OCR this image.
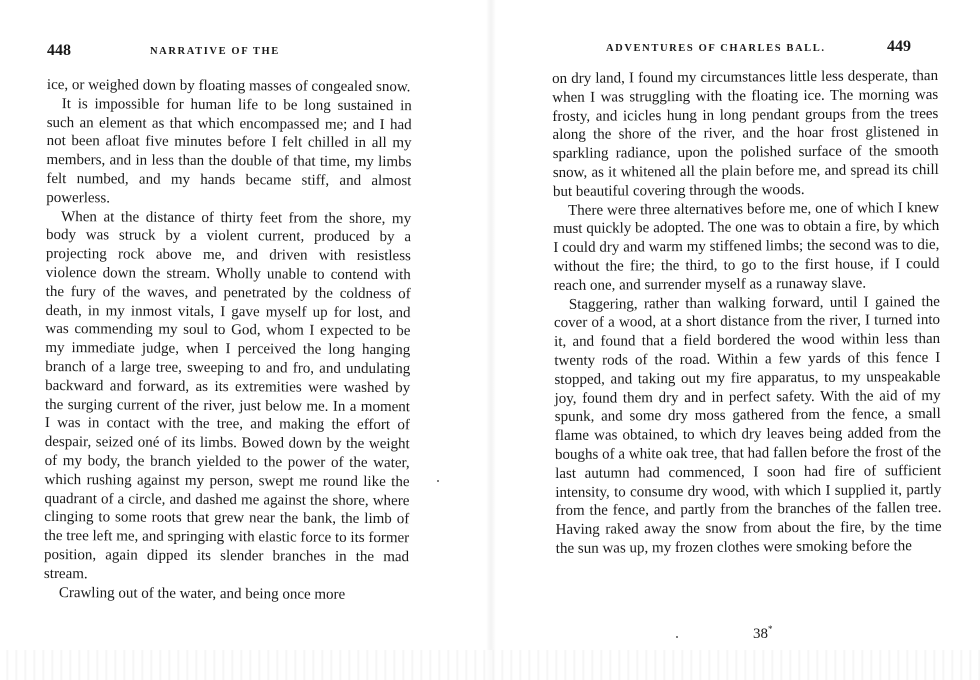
448	NARRATIVE OF THE

ice, or weighed down by floating masses of congealed snow.

It is impossible for human life to be long sustained in such an element as that which encompassed me; and I had not been afloat five minutes before I felt chilled in all my members, and in less than the double of that time, my limbs felt numbed, and my hands became stiff, and almost powerless.

When at the distance of thirty feet from the shore, my body was struck by a violent current, produced by a projecting rock above me, and driven with resistless violence down the stream. Wholly unable to contend with the fury of the waves, and penetrated by the coldness of death, in my inmost vitals, I gave myself up for lost, and was commending my soul to God, whom I expected to be my immediate judge, when I perceived the long hanging branch of a large tree, sweeping to and fro, and undulating backward and forward, as its extremities were washed by the surging current of the river, just below me. In a moment I was in contact with the tree, and making the effort of despair, seized oné of its limbs. Bowed down by the weight of my body, the branch yielded to the power of the water, which rushing against my person, swept me round like the quadrant of a circle, and dashed me against the shore, where clinging to some roots that grew near the bank, the limb of the tree left me, and springing with elastic force to its former position, again dipped its slender branches in the mad stream.

Crawling out of the water, and being once more

449
ADVENTURES OF CHARLES BALL.

on dry land, I found my circumstances little less desperate, than when I was struggling with the floating ice. The morning was frosty, and icicles hung in long pendant groups from the trees along the shore of the river, and the hoar frost glistened in sparkling radiance, upon the polished surface of the smooth snow, as it whitened all the plain before me, and spread its chill but beautiful covering through the woods.

There were three alternatives before me, one of which I knew must quickly be adopted. The one was to obtain a fire, by which I could dry and warm my stiffened limbs; the second was to die, without the fire; the third, to go to the first house, if I could reach one, and surrender myself as a runaway slave.

Staggering, rather than walking forward, until I gained the cover of a wood, at a short distance from the river, I turned into it, and found that a field bordered the wood within less than twenty rods of the road. Within a few yards of this fence I stopped, and taking out my fire apparatus, to my unspeakable joy, found them dry and in perfect safety. With the aid of my spunk, and some dry moss gathered from the fence, a small flame was obtained, to which dry leaves being added from the boughs of a white oak tree, that had fallen before the frost of the last autumn had commenced, I soon had fire of sufficient intensity, to consume dry wood, with which I supplied it, partly from the fence, and partly from the branches of the fallen tree. Having raked away the snow from about the fire, by the time the sun was up, my frozen clothes were smoking before the

38*
